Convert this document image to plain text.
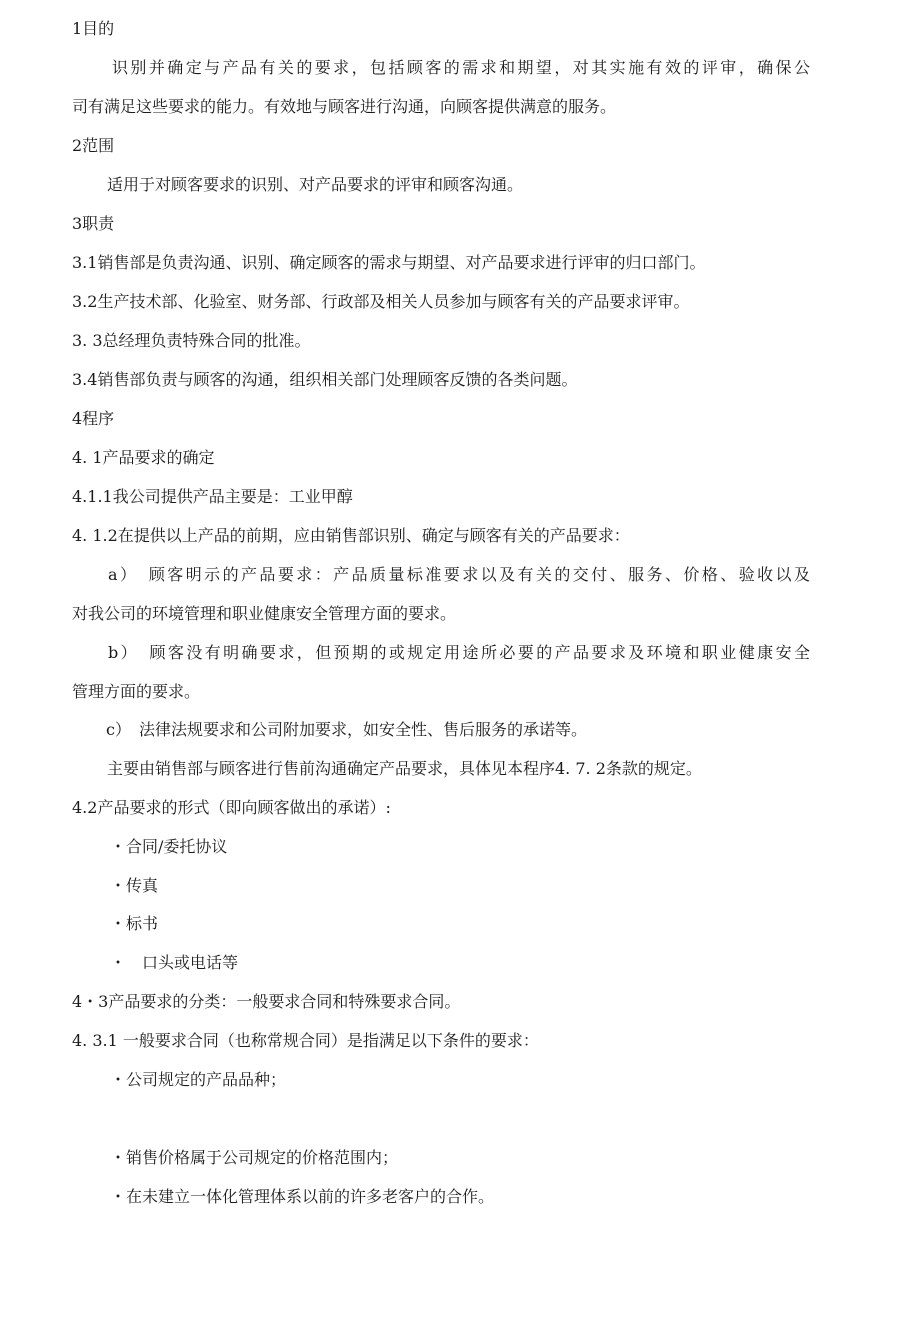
1目的
识别并确定与产品有关的要求，包括顾客的需求和期望，对其实施有效的评审，确保公
司有满足这些要求的能力。有效地与顾客进行沟通，向顾客提供满意的服务。
2范围
适用于对顾客要求的识别、对产品要求的评审和顾客沟通。
3职责
3.1销售部是负责沟通、识别、确定顾客的需求与期望、对产品要求进行评审的归口部门。
3.2生产技术部、化验室、财务部、行政部及相关人员参加与顾客有关的产品要求评审。
3. 3总经理负责特殊合同的批准。
3.4销售部负责与顾客的沟通，组织相关部门处理顾客反馈的各类问题。
4程序
4. 1产品要求的确定
4.1.1我公司提供产品主要是：工业甲醇
4. 1.2在提供以上产品的前期，应由销售部识别、确定与顾客有关的产品要求：
a）　顾客明示的产品要求：产品质量标准要求以及有关的交付、服务、价格、验收以及
对我公司的环境管理和职业健康安全管理方面的要求。
b）　顾客没有明确要求，但预期的或规定用途所必要的产品要求及环境和职业健康安全
管理方面的要求。
c）　法律法规要求和公司附加要求，如安全性、售后服务的承诺等。
主要由销售部与顾客进行售前沟通确定产品要求，具体见本程序4. 7. 2条款的规定。
4.2产品要求的形式（即向顾客做出的承诺）:
・合同/委托协议
・传真
・标书
・　口头或电话等
4・3产品要求的分类：一般要求合同和特殊要求合同。
4. 3.1 一般要求合同（也称常规合同）是指满足以下条件的要求：
・公司规定的产品品种；
・销售价格属于公司规定的价格范围内；
・在未建立一体化管理体系以前的许多老客户的合作。
